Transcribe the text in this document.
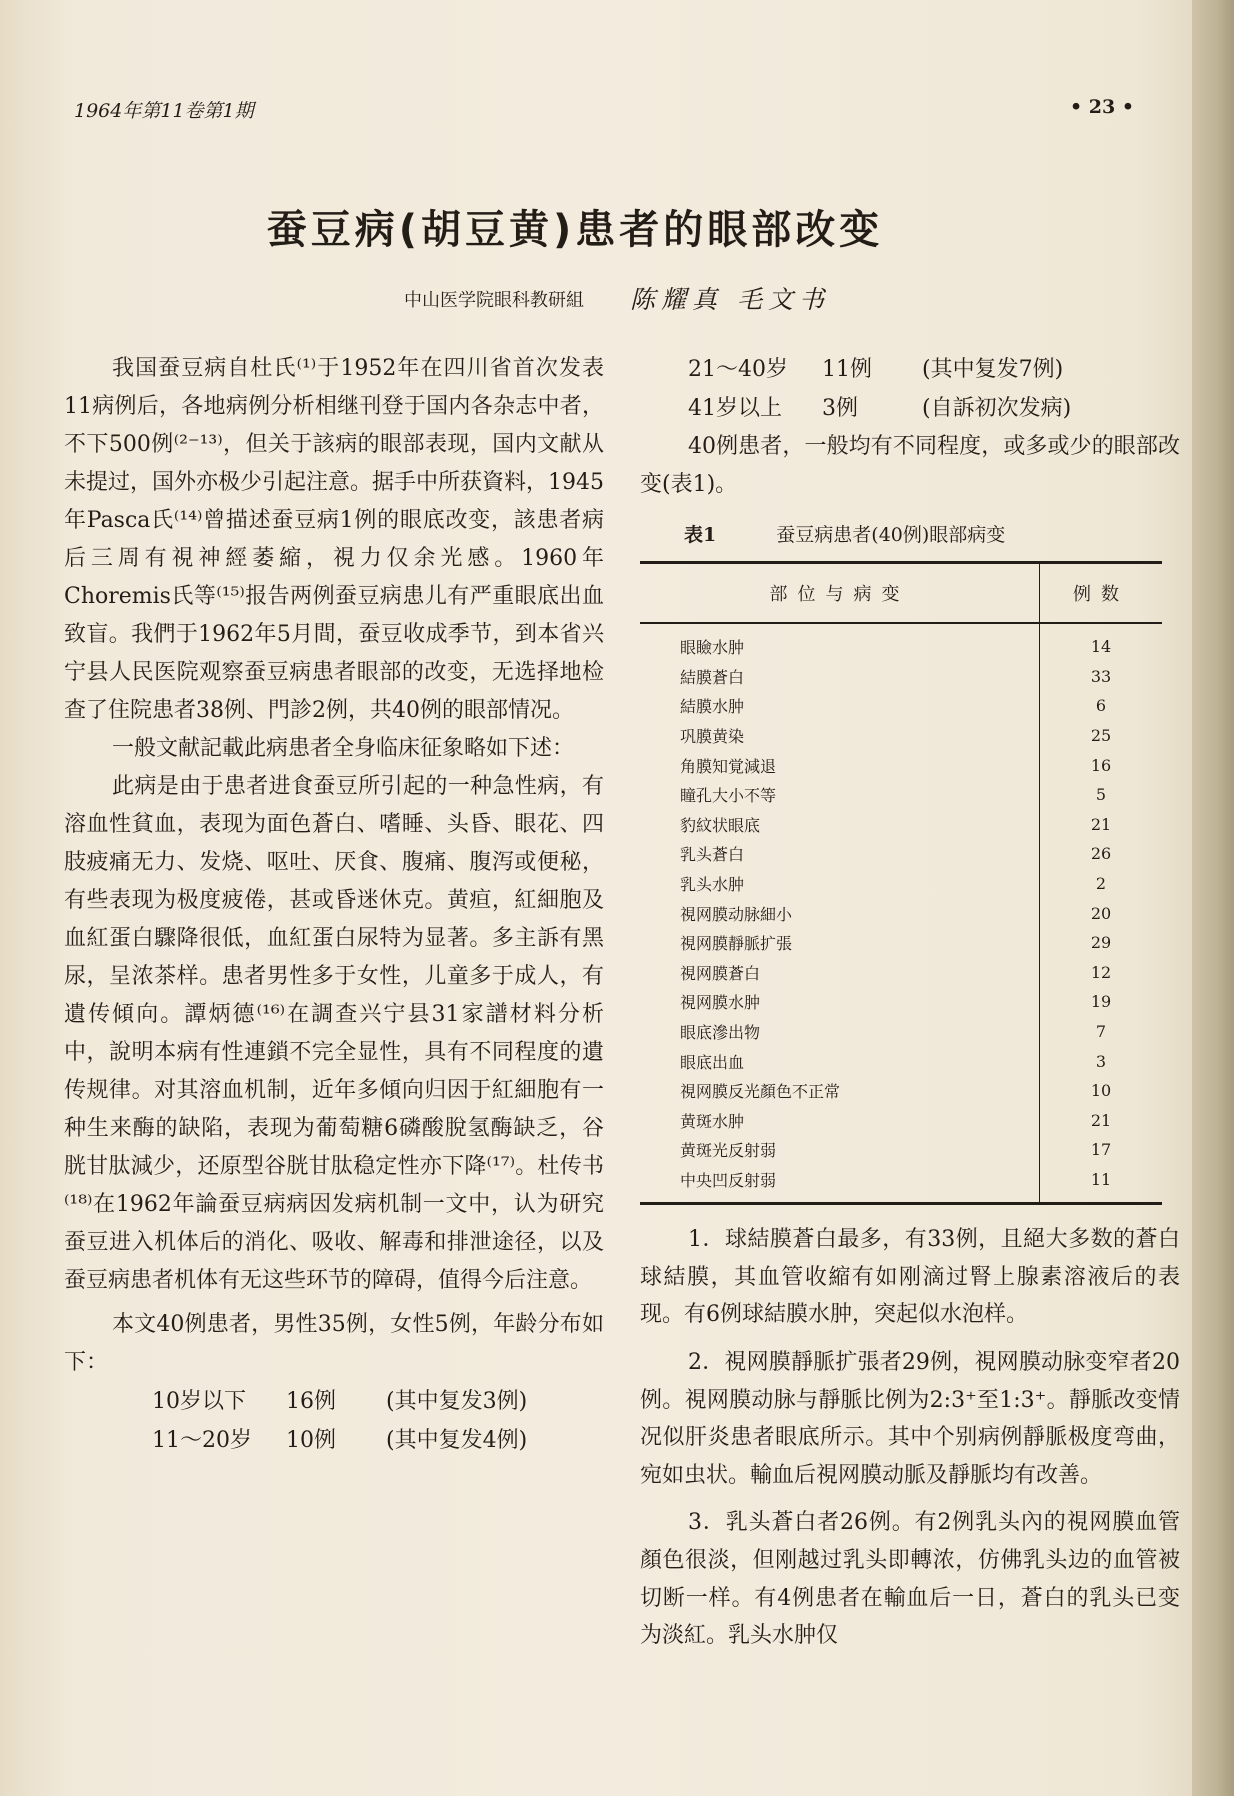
1964年第11卷第1期	• 23 •
蚕豆病(胡豆黄)患者的眼部改变
中山医学院眼科教研組 陈耀真 毛文书

我国蚕豆病自杜氏⁽¹⁾于1952年在四川省首次发表11病例后，各地病例分析相继刊登于国内各杂志中者，不下500例⁽²⁻¹³⁾，但关于該病的眼部表现，国内文献从未提过，国外亦极少引起注意。据手中所获資料，1945年Pasca氏⁽¹⁴⁾曾描述蚕豆病1例的眼底改变，該患者病后三周有視神經萎縮，視力仅余光感。1960年Choremis氏等⁽¹⁵⁾报告两例蚕豆病患儿有严重眼底出血致盲。我們于1962年5月間，蚕豆收成季节，到本省兴宁县人民医院观察蚕豆病患者眼部的改变，无选择地检查了住院患者38例、門診2例，共40例的眼部情况。

一般文献記載此病患者全身临床征象略如下述：

此病是由于患者进食蚕豆所引起的一种急性病，有溶血性貧血，表现为面色蒼白、嗜睡、头昏、眼花、四肢疲痛无力、发烧、呕吐、厌食、腹痛、腹泻或便秘，有些表现为极度疲倦，甚或昏迷休克。黄疸，紅細胞及血紅蛋白驟降很低，血紅蛋白尿特为显著。多主訴有黑尿，呈浓茶样。患者男性多于女性，儿童多于成人，有遺传傾向。譚炳德⁽¹⁶⁾在調查兴宁县31家譜材料分析中，說明本病有性連鎖不完全显性，具有不同程度的遺传规律。对其溶血机制，近年多傾向归因于紅細胞有一种生来酶的缺陷，表现为葡萄糖6磷酸脫氢酶缺乏，谷胱甘肽減少，还原型谷胱甘肽稳定性亦下降⁽¹⁷⁾。杜传书⁽¹⁸⁾在1962年論蚕豆病病因发病机制一文中，认为研究蚕豆进入机体后的消化、吸收、解毒和排泄途径，以及蚕豆病患者机体有无这些环节的障碍，值得今后注意。

本文40例患者，男性35例，女性5例，年龄分布如下：

10岁以下	16例	(其中复发3例)
11～20岁	10例	(其中复发4例)
21～40岁	11例	(其中复发7例)
41岁以上	3例	(自訴初次发病)

40例患者，一般均有不同程度，或多或少的眼部改变(表1)。

表1	蚕豆病患者(40例)眼部病变
部位与病变	例数
眼瞼水肿	14
結膜蒼白	33
結膜水肿	6
巩膜黄染	25
角膜知覚減退	16
瞳孔大小不等	5
豹紋状眼底	21
乳头蒼白	26
乳头水肿	2
視网膜动脉細小	20
視网膜靜脈扩張	29
視网膜蒼白	12
視网膜水肿	19
眼底滲出物	7
眼底出血	3
視网膜反光顏色不正常	10
黄斑水肿	21
黄斑光反射弱	17
中央凹反射弱	11

1．球結膜蒼白最多，有33例，且絕大多数的蒼白球結膜，其血管收縮有如刚滴过腎上腺素溶液后的表现。有6例球結膜水肿，突起似水泡样。

2．視网膜靜脈扩張者29例，視网膜动脉变窄者20例。視网膜动脉与靜脈比例为2:3⁺至1:3⁺。靜脈改变情况似肝炎患者眼底所示。其中个别病例靜脈极度弯曲，宛如虫状。輸血后視网膜动脈及靜脈均有改善。

3．乳头蒼白者26例。有2例乳头內的視网膜血管顏色很淡，但刚越过乳头即轉浓，仿佛乳头边的血管被切断一样。有4例患者在輸血后一日，蒼白的乳头已变为淡紅。乳头水肿仅
